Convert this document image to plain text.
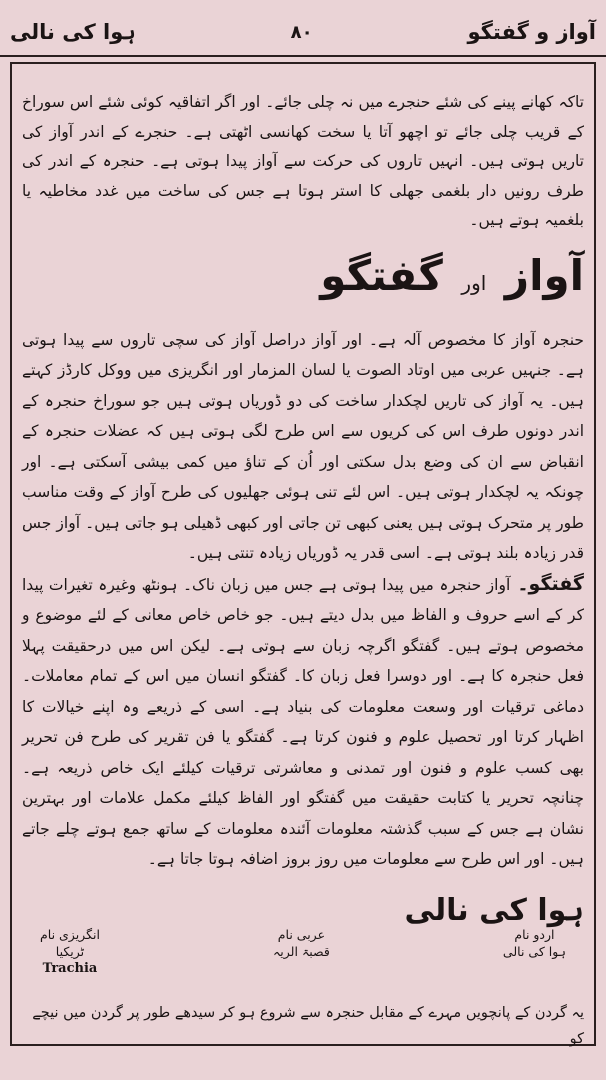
آواز و گفتگو
۸۰
ہوا کی نالی

تاکہ کھانے پینے کی شئے حنجرے میں نہ چلی جائے۔ اور اگر اتفاقیہ کوئی شئے اس سوراخ کے قریب چلی جائے تو اچھو آتا یا سخت کھانسی اٹھتی ہے۔ حنجرے کے اندر آواز کی تاریں ہوتی ہیں۔ انہیں تاروں کی حرکت سے آواز پیدا ہوتی ہے۔ حنجرہ کے اندر کی طرف رونیں دار بلغمی جھلی کا استر ہوتا ہے جس کی ساخت میں غدد مخاطیہ یا بلغمیہ ہوتے ہیں۔

آواز اور گفتگو

حنجرہ آواز کا مخصوص آلہ ہے۔ اور آواز دراصل آواز کی سچی تاروں سے پیدا ہوتی ہے۔ جنہیں عربی میں اوتاد الصوت یا لسان المزمار اور انگریزی میں ووکل کارڈز کہتے ہیں۔ یہ آواز کی تاریں لچکدار ساخت کی دو ڈوریاں ہوتی ہیں جو سوراخ حنجرہ کے اندر دونوں طرف اس کی کریوں سے اس طرح لگی ہوتی ہیں کہ عضلات حنجرہ کے انقباض سے ان کی وضع بدل سکتی اور اُن کے تناؤ میں کمی بیشی آسکتی ہے۔ اور چونکہ یہ لچکدار ہوتی ہیں۔ اس لئے تنی ہوئی جھلیوں کی طرح آواز کے وقت مناسب طور پر متحرک ہوتی ہیں یعنی کبھی تن جاتی اور کبھی ڈھیلی ہو جاتی ہیں۔ آواز جس قدر زیادہ بلند ہوتی ہے۔ اسی قدر یہ ڈوریاں زیادہ تنتی ہیں۔

گفتگو۔ آواز حنجرہ میں پیدا ہوتی ہے جس میں زبان ناک۔ ہونٹھ وغیرہ تغیرات پیدا کر کے اسے حروف و الفاظ میں بدل دیتے ہیں۔ جو خاص خاص معانی کے لئے موضوع و مخصوص ہوتے ہیں۔ گفتگو اگرچہ زبان سے ہوتی ہے۔ لیکن اس میں درحقیقت پہلا فعل حنجرہ کا ہے۔ اور دوسرا فعل زبان کا۔ گفتگو انسان میں اس کے تمام معاملات۔ دماغی ترقیات اور وسعت معلومات کی بنیاد ہے۔ اسی کے ذریعے وہ اپنے خیالات کا اظہار کرتا اور تحصیل علوم و فنون کرتا ہے۔ گفتگو یا فن تقریر کی طرح فن تحریر بھی کسب علوم و فنون اور تمدنی و معاشرتی ترقیات کیلئے ایک خاص ذریعہ ہے۔ چنانچہ تحریر یا کتابت حقیقت میں گفتگو اور الفاظ کیلئے مکمل علامات اور بہترین نشان ہے جس کے سبب گذشتہ معلومات آئندہ معلومات کے ساتھ جمع ہوتے چلے جاتے ہیں۔ اور اس طرح سے معلومات میں روز بروز اضافہ ہوتا جاتا ہے۔

ہوا کی نالی
اردو نام
ہوا کی نالی
عربی نام
قصبۃ الریہ
انگریزی نام
ٹریکیا
Trachia
یہ گردن کے پانچویں مہرے کے مقابل حنجرہ سے شروع ہو کر سیدھے طور پر گردن میں نیچے کو
